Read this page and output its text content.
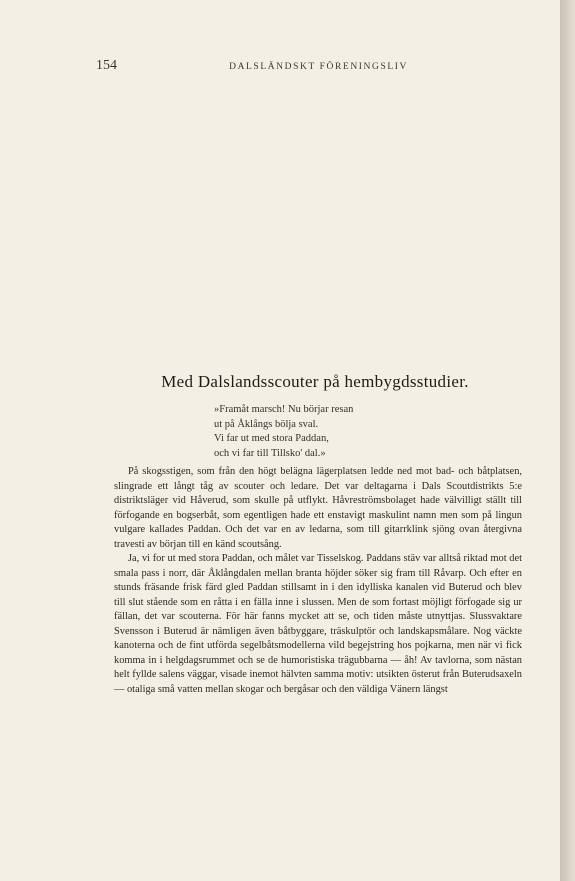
154	DALSLÄNDSKT FÖRENINGSLIV
Med Dalslandsscouter på hembygdsstudier.
»Framåt marsch! Nu börjar resan
ut på Åklångs bölja sval.
Vi far ut med stora Paddan,
och vi far till Tillsko' dal.»

På skogsstigen, som från den högt belägna lägerplatsen ledde ned mot bad- och båtplatsen, slingrade ett långt tåg av scouter och ledare. Det var deltagarna i Dals Scoutdistrikts 5:e distriktsläger vid Håverud, som skulle på utflykt. Håvreströmsbolaget hade välvilligt ställt till förfogande en bogserbåt, som egentligen hade ett enstavigt maskulint namn men som på lingun vulgare kallades Paddan. Och det var en av ledarna, som till gitarrklink sjöng ovan återgivna travesti av början till en känd scoutsång.

Ja, vi for ut med stora Paddan, och målet var Tisselskog. Paddans stäv var alltså riktad mot det smala pass i norr, där Åklångdalen mellan branta höjder söker sig fram till Råvarp. Och efter en stunds fräsande frisk färd gled Paddan stillsamt in i den idylliska kanalen vid Buterud och blev till slut stående som en råtta i en fälla inne i slussen. Men de som fortast möjligt förfogade sig ur fällan, det var scouterna. För här fanns mycket att se, och tiden måste utnyttjas. Slussvaktare Svensson i Buterud är nämligen även båtbyggare, träskulptör och landskapsmålare. Nog väckte kanoterna och de fint utförda segelbåtsmodellerna vild begejstring hos pojkarna, men när vi fick komma in i helgdagsrummet och se de humoristiska trägubbarna — åh! Av tavlorna, som nästan helt fyllde salens väggar, visade inemot hälvten samma motiv: utsikten österut från Buterudsaxeln — otaliga små vatten mellan skogar och bergåsar och den väldiga Vänern längst
